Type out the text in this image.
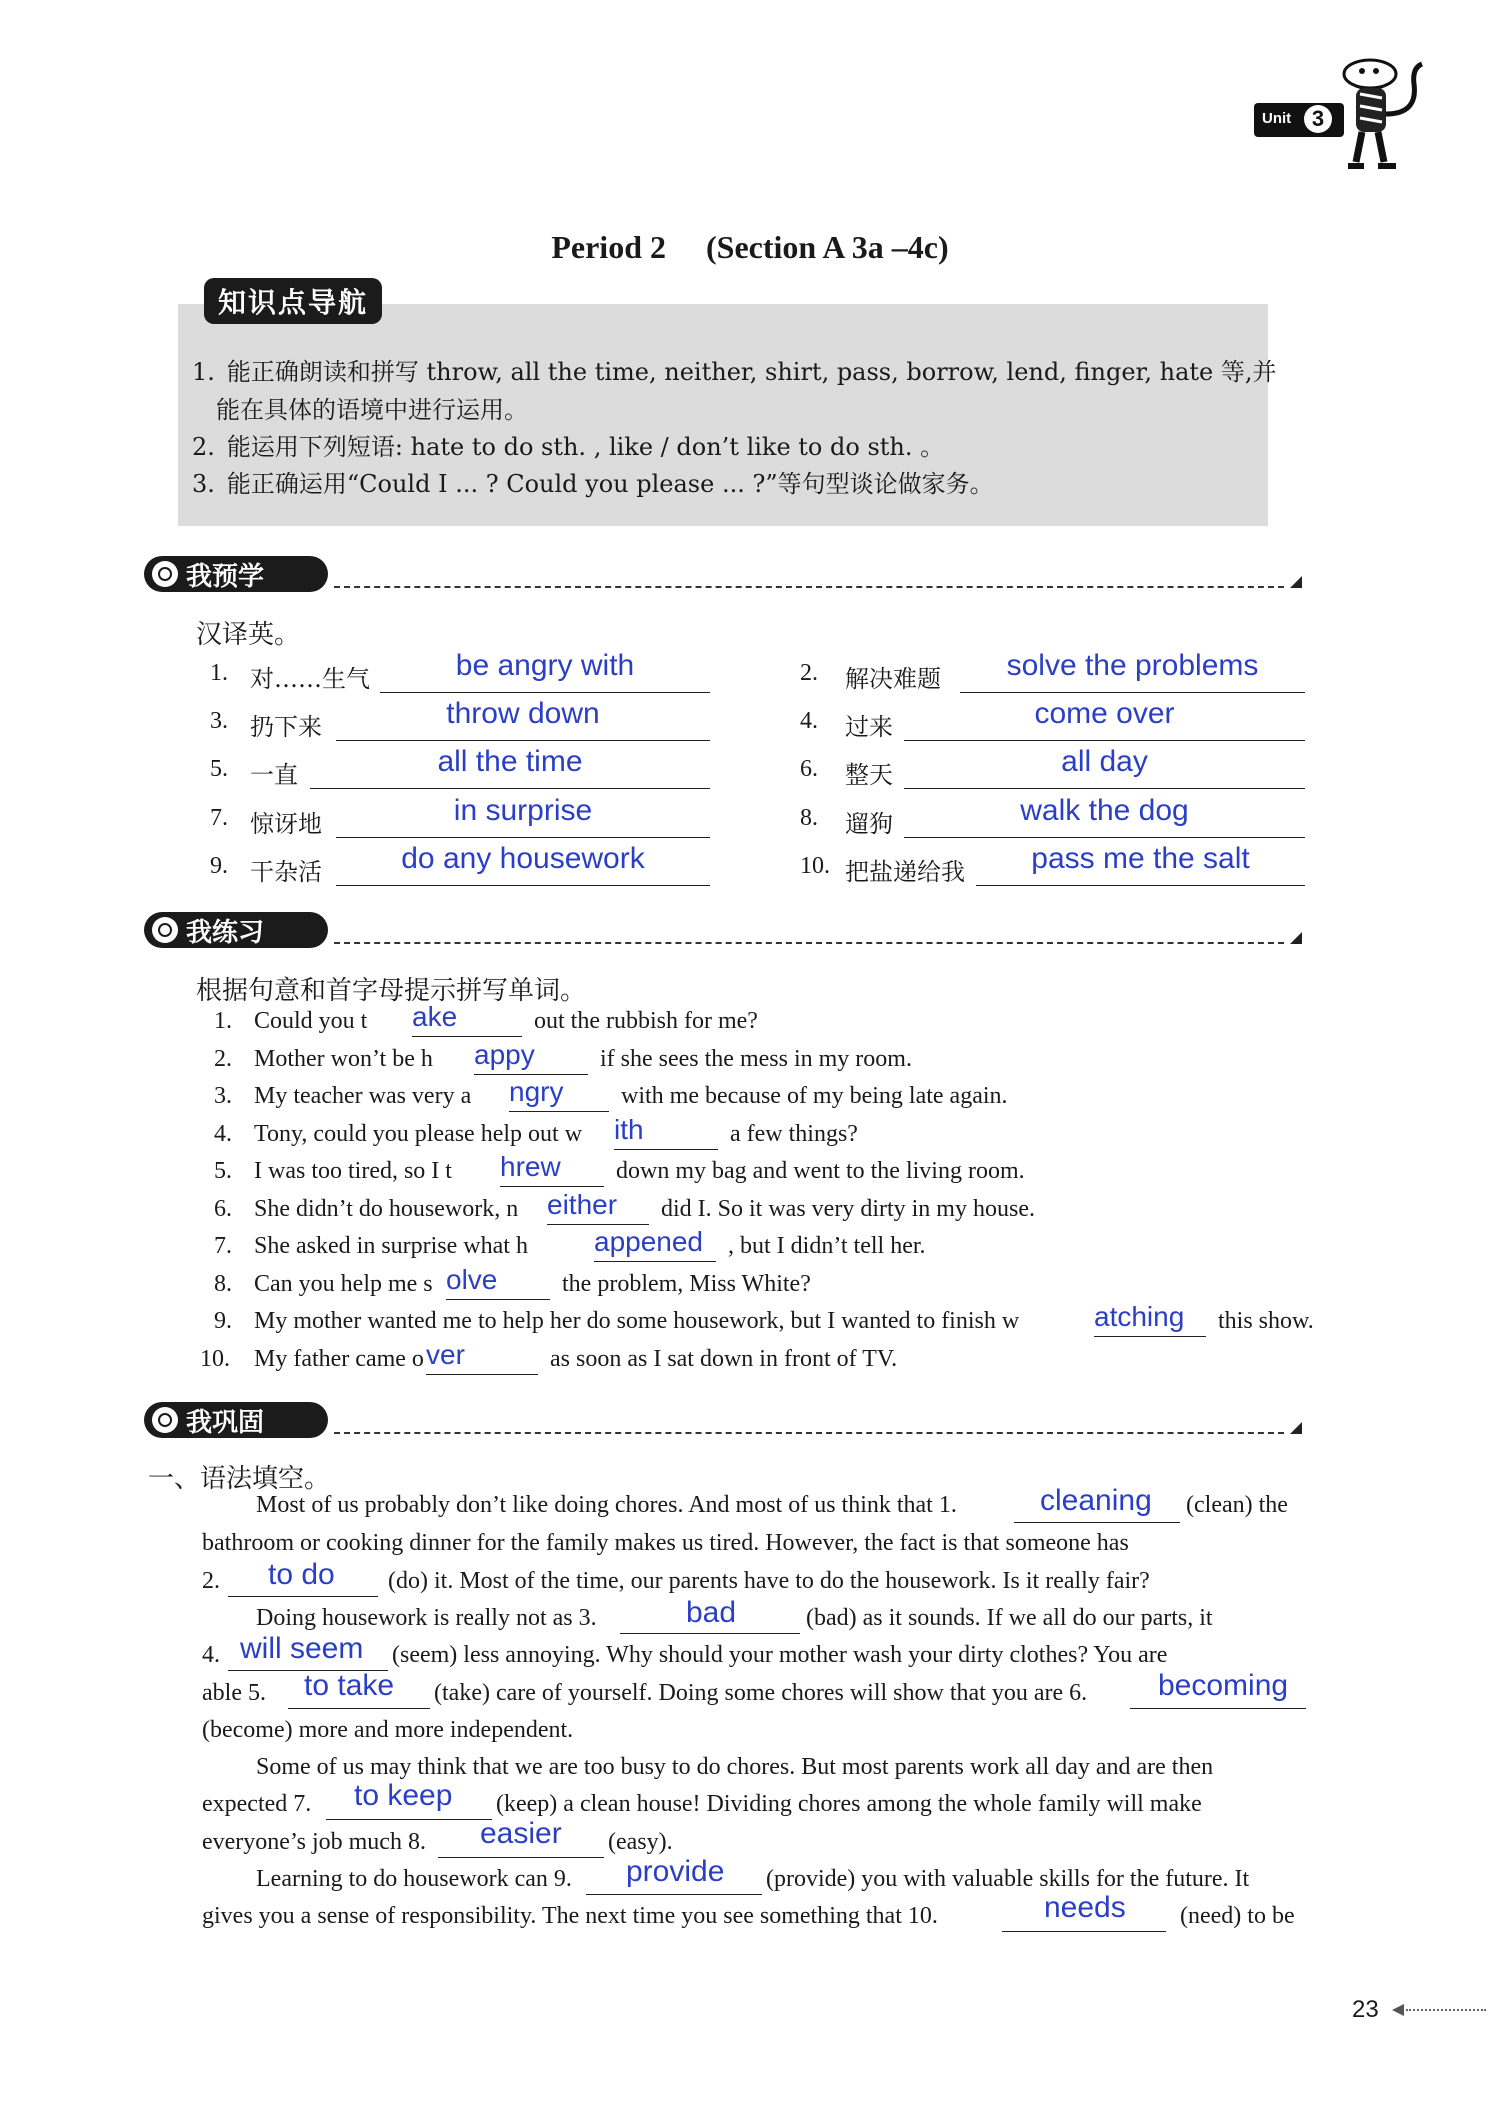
Unit 3
Period 2　 (Section A 3a –4c)
知识点导航
1. 能正确朗读和拼写 throw, all the time, neither, shirt, pass, borrow, lend, finger, hate 等,并
　能在具体的语境中进行运用。
2. 能运用下列短语: hate to do sth. , like / don’t like to do sth. 。
3. 能正确运用“Could I ... ? Could you please ... ?”等句型谈论做家务。
我预学
汉译英。
1. 对……生气	be angry with	2. 解决难题	solve the problems
3. 扔下来	throw down	4. 过来	come over
5. 一直	all the time	6. 整天	all day
7. 惊讶地	in surprise	8. 遛狗	walk the dog
9. 干杂活	do any housework	10. 把盐递给我	pass me the salt
我练习
根据句意和首字母提示拼写单词。
1. Could you t ake	out the rubbish for me?
2. Mother won’t be h appy	if she sees the mess in my room.
3. My teacher was very a ngry with me because of my being late again.
4. Tony, could you please help out w ith	a few things?
5. I was too tired, so I t hrew down my bag and went to the living room.
6. She didn’t do housework, n either did I. So it was very dirty in my house.
7. She asked in surprise what h appened , but I didn’t tell her.
8. Can you help me s olve	the problem, Miss White?
9. My mother wanted me to help her do some housework, but I wanted to finish w	atching this show.
10. My father came o ver	as soon as I sat down in front of TV.
我巩固
一、语法填空。
Most of us probably don’t like doing chores. And most of us think that 1.	cleaning (clean) the
bathroom or cooking dinner for the family makes us tired. However, the fact is that someone has
2. to do (do) it. Most of the time, our parents have to do the housework. Is it really fair?
Doing housework is really not as 3.	bad	(bad) as it sounds. If we all do our parts, it
4. will seem (seem) less annoying. Why should your mother wash your dirty clothes? You are
able 5. to take (take) care of yourself. Doing some chores will show that you are 6. becoming
(become) more and more independent.
Some of us may think that we are too busy to do chores. But most parents work all day and are then
expected 7. to keep (keep) a clean house! Dividing chores among the whole family will make
everyone’s job much 8. easier (easy).
Learning to do housework can 9. provide (provide) you with valuable skills for the future. It
gives you a sense of responsibility. The next time you see something that 10.	needs (need) to be
23
